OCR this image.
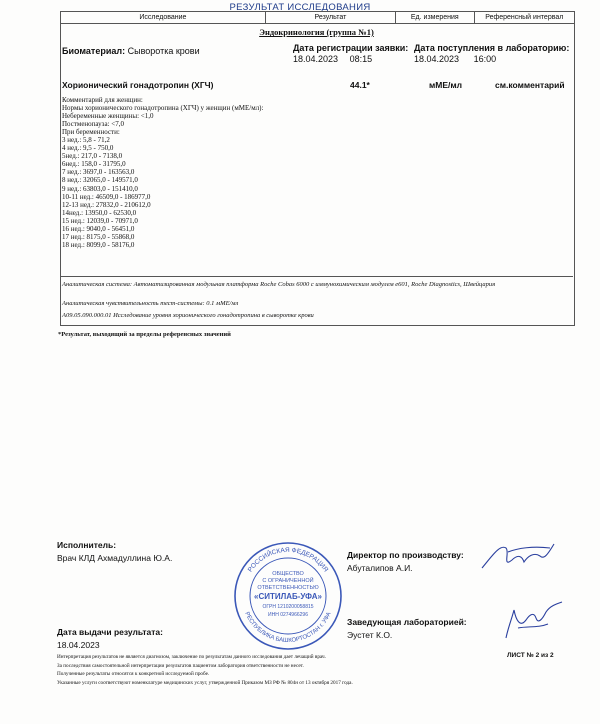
РЕЗУЛЬТАТ ИССЛЕДОВАНИЯ
Исследование	Результат	Ед. измерения	Референсный интервал
Эндокринология (группа №1)
Биоматериал: Сыворотка крови	Дата регистрации заявки:
18.04.2023 08:15
Дата поступления в лабораторию:
18.04.2023 16:00
Хорионический гонадотропин (ХГЧ)	44.1*	мМЕ/мл	см.комментарий
Комментарий для женщин:
Нормы хорионического гонадотропина (ХГЧ) у женщин (мМЕ/мл):
Небеременные женщины: <1,0
Постменопауза: <7,0
При беременности:
3 нед.: 5,8 - 71,2
4 нед.: 9,5 - 750,0
5нед.: 217,0 - 7138,0
6нед.: 158,0 - 31795,0
7 нед.: 3697,0 - 163563,0
8 нед.: 32065,0 - 149571,0
9 нед.: 63803,0 - 151410,0
10-11 нед.: 46509,0 - 186977,0
12-13 нед.: 27832,0 - 210612,0
14нед.: 13950,0 - 62530,0
15 нед.: 12039,0 - 70971,0
16 нед.: 9040,0 - 56451,0
17 нед.: 8175,0 - 55868,0
18 нед.: 8099,0 - 58176,0
Аналитическая система: Автоматизированная модульная платформа Roche Cobas 6000 с иммунохимическим модулем e601, Roche Diagnostics, Швейцария
Аналитическая чувствительность тест-системы: 0.1 мМЕ/мл
A09.05.090.000.01 Исследование уровня хорионического гонадотропина в сыворотке крови
*Результат, выходящий за пределы референсных значений
Исполнитель:
Врач КЛД Ахмадуллина Ю.А.	Директор по производству:
Абуталипов А.И.
Заведующая лабораторией:
Эустет К.О.
Дата выдачи результата:
18.04.2023
РОССИЙСКАЯ ФЕДЕРАЦИЯ
РЕСПУБЛИКА БАШКОРТОСТАН г. УФА
ОБЩЕСТВО
С ОГРАНИЧЕННОЙ
ОТВЕТСТВЕННОСТЬЮ
«СИТИЛАБ-УФА»
ОГРН 1210200058815
ИНН 0274966296
Интерпретация результатов не является диагнозом, заключение по результатам данного исследования дает лечащий врач.
За последствия самостоятельной интерпретации результатов пациентом лаборатория ответственности не несет.
Полученные результаты относятся к конкретной исследуемой пробе.
Указанные услуги соответствуют номенклатуре медицинских услуг, утвержденной Приказом МЗ РФ № 804н от 13 октября 2017 года.
ЛИСТ № 2 из 2
